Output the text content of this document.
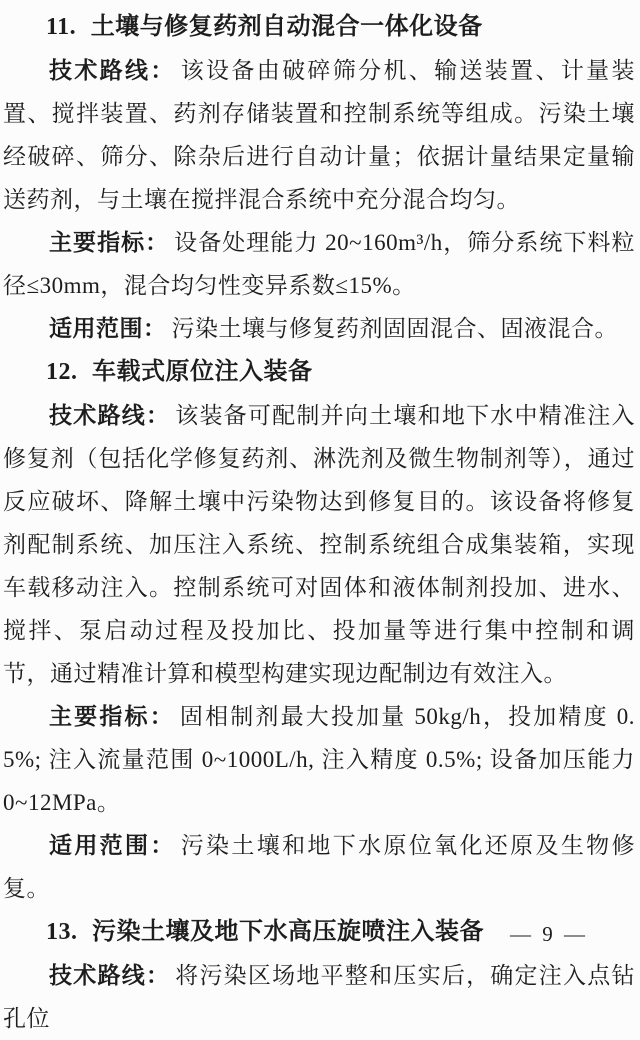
11. 土壤与修复药剂自动混合一体化设备

技术路线： 该设备由破碎筛分机、输送装置、计量装置、搅拌装置、药剂存储装置和控制系统等组成。污染土壤经破碎、筛分、除杂后进行自动计量；依据计量结果定量输送药剂，与土壤在搅拌混合系统中充分混合均匀。

主要指标： 设备处理能力 20~160m³/h，筛分系统下料粒径≤30mm，混合均匀性变异系数≤15%。

适用范围： 污染土壤与修复药剂固固混合、固液混合。

12. 车载式原位注入装备

技术路线： 该装备可配制并向土壤和地下水中精准注入修复剂（包括化学修复药剂、淋洗剂及微生物制剂等），通过反应破坏、降解土壤中污染物达到修复目的。该设备将修复剂配制系统、加压注入系统、控制系统组合成集装箱，实现车载移动注入。控制系统可对固体和液体制剂投加、进水、搅拌、泵启动过程及投加比、投加量等进行集中控制和调节，通过精准计算和模型构建实现边配制边有效注入。

主要指标： 固相制剂最大投加量 50kg/h，投加精度 0.5%; 注入流量范围 0~1000L/h, 注入精度 0.5%; 设备加压能力 0~12MPa。

适用范围： 污染土壤和地下水原位氧化还原及生物修复。

13. 污染土壤及地下水高压旋喷注入装备

技术路线： 将污染区场地平整和压实后，确定注入点钻孔位

— 9 —
